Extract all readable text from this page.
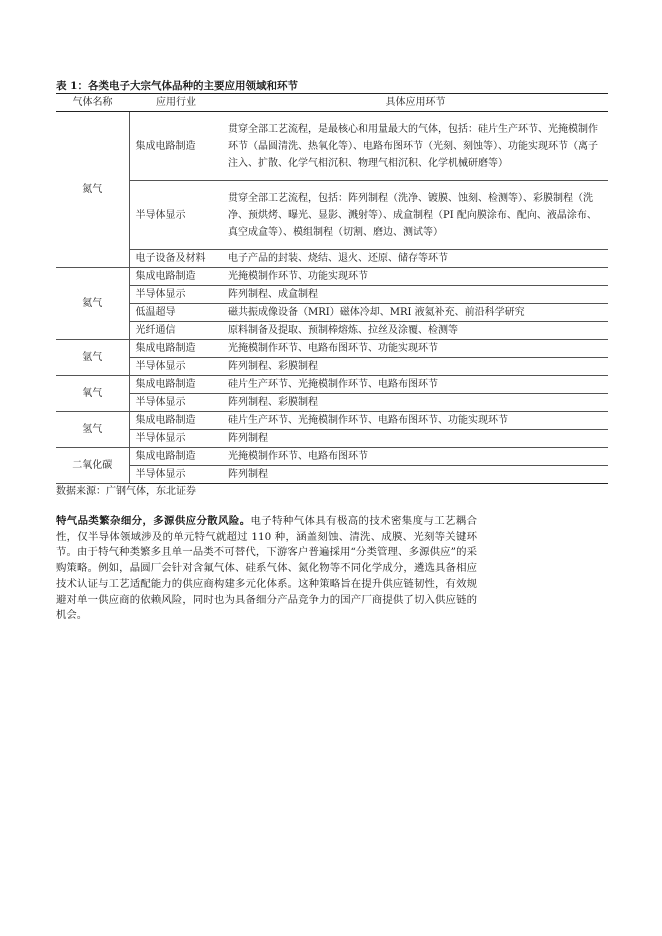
表 1：各类电子大宗气体品种的主要应用领域和环节
气体名称	应用行业	具体应用环节
氮气	集成电路制造	贯穿全部工艺流程，是最核心和用量最大的气体，包括：硅片生产环节、光掩模制作环节（晶圆清洗、热氧化等）、电路布图环节（光刻、刻蚀等）、功能实现环节（离子注入、扩散、化学气相沉积、物理气相沉积、化学机械研磨等）
	半导体显示	贯穿全部工艺流程，包括：阵列制程（洗净、镀膜、蚀刻、检测等）、彩膜制程（洗净、预烘烤、曝光、显影、溅射等）、成盒制程（PI 配向膜涂布、配向、液晶涂布、真空成盒等）、模组制程（切割、磨边、测试等）
	电子设备及材料	电子产品的封装、烧结、退火、还原、储存等环节
氦气	集成电路制造	光掩模制作环节、功能实现环节
	半导体显示	阵列制程、成盒制程
	低温超导	磁共振成像设备（MRI）磁体冷却、MRI 液氦补充、前沿科学研究
	光纤通信	原料制备及提取、预制棒熔炼、拉丝及涂覆、检测等
氩气	集成电路制造	光掩模制作环节、电路布图环节、功能实现环节
	半导体显示	阵列制程、彩膜制程
氧气	集成电路制造	硅片生产环节、光掩模制作环节、电路布图环节
	半导体显示	阵列制程、彩膜制程
氢气	集成电路制造	硅片生产环节、光掩模制作环节、电路布图环节、功能实现环节
	半导体显示	阵列制程
二氧化碳	集成电路制造	光掩模制作环节、电路布图环节
	半导体显示	阵列制程
数据来源：广钢气体，东北证券
特气品类繁杂细分，多源供应分散风险。电子特种气体具有极高的技术密集度与工艺耦合性，仅半导体领域涉及的单元特气就超过 110 种，涵盖刻蚀、清洗、成膜、光刻等关键环节。由于特气种类繁多且单一品类不可替代，下游客户普遍採用“分类管理、多源供应”的采购策略。例如，晶圆厂会针对含氟气体、硅系气体、氮化物等不同化学成分，遴选具备相应技术认证与工艺适配能力的供应商构建多元化体系。这种策略旨在提升供应链韧性，有效规避对单一供应商的依赖风险，同时也为具备细分产品竞争力的国产厂商提供了切入供应链的机会。
